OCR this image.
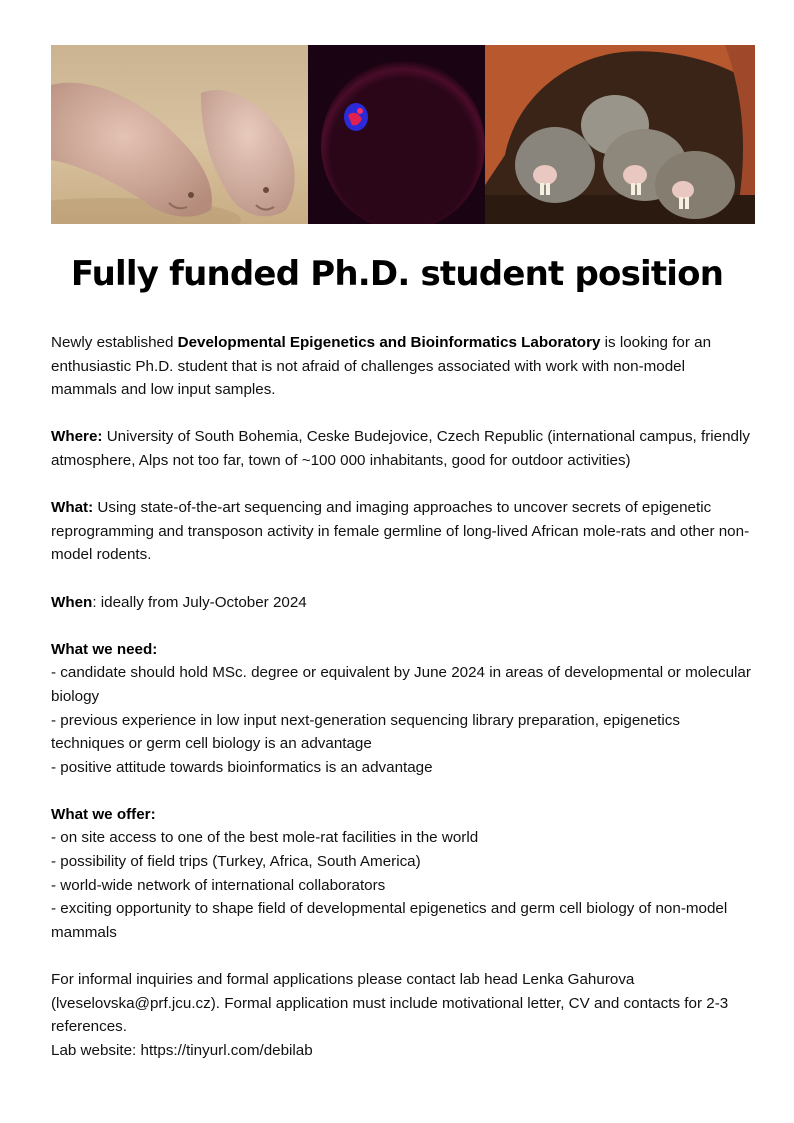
Fully funded Ph.D. student position

Newly established Developmental Epigenetics and Bioinformatics Laboratory is looking for an enthusiastic Ph.D. student that is not afraid of challenges associated with work with non-model mammals and low input samples.

Where: University of South Bohemia, Ceske Budejovice, Czech Republic (international campus, friendly atmosphere, Alps not too far, town of ~100 000 inhabitants, good for outdoor activities)

What: Using state-of-the-art sequencing and imaging approaches to uncover secrets of epigenetic reprogramming and transposon activity in female germline of long-lived African mole-rats and other non-model rodents.

When: ideally from July-October 2024

What we need:

- candidate should hold MSc. degree or equivalent by June 2024 in areas of developmental or molecular biology

- previous experience in low input next-generation sequencing library preparation, epigenetics techniques or germ cell biology is an advantage

- positive attitude towards bioinformatics is an advantage

What we offer:

- on site access to one of the best mole-rat facilities in the world

- possibility of field trips (Turkey, Africa, South America)

- world-wide network of international collaborators

- exciting opportunity to shape field of developmental epigenetics and germ cell biology of non-model mammals

For informal inquiries and formal applications please contact lab head Lenka Gahurova (lveselovska@prf.jcu.cz). Formal application must include motivational letter, CV and contacts for 2-3 references.

Lab website: https://tinyurl.com/debilab
